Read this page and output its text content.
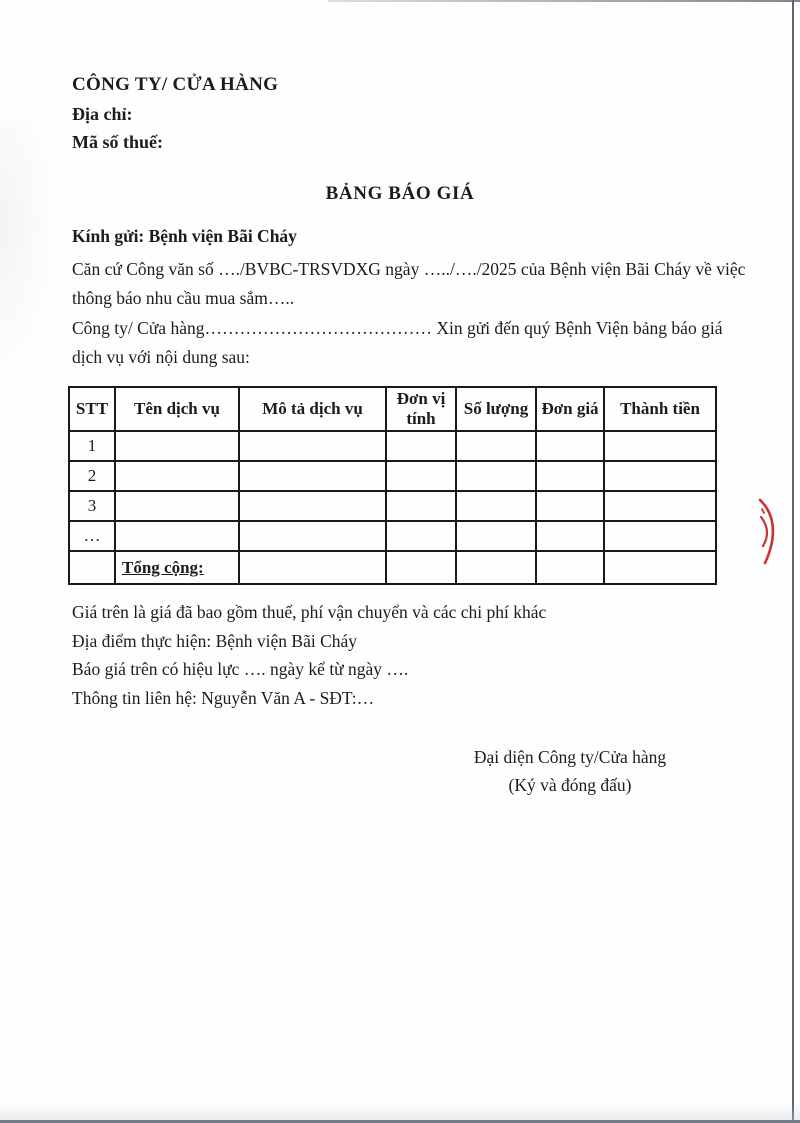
CÔNG TY/ CỬA HÀNG
Địa chỉ:
Mã số thuế:
BẢNG BÁO GIÁ
Kính gửi: Bệnh viện Bãi Cháy
Căn cứ Công văn số …./BVBC-TRSVDXG ngày …../…./2025 của Bệnh viện Bãi Cháy về việc thông báo nhu cầu mua sắm…..
Công ty/ Cửa hàng………………………………… Xin gửi đến quý Bệnh Viện bảng báo giá dịch vụ với nội dung sau:
STT	Tên dịch vụ	Mô tả dịch vụ	Đơn vị tính	Số lượng	Đơn giá	Thành tiền
1						
2						
3						
…						
	Tổng cộng:					
Giá trên là giá đã bao gồm thuế, phí vận chuyển và các chi phí khác
Địa điểm thực hiện: Bệnh viện Bãi Cháy
Báo giá trên có hiệu lực …. ngày kể từ ngày ….
Thông tin liên hệ: Nguyễn Văn A - SĐT:…
Đại diện Công ty/Cửa hàng
(Ký và đóng đấu)
